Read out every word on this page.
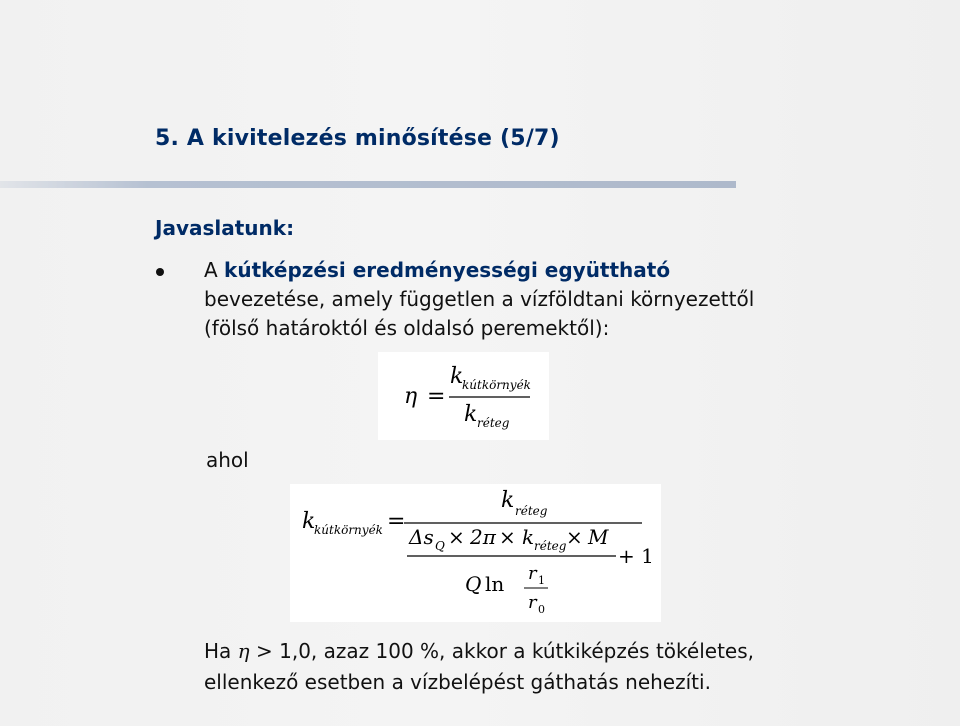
5. A kivitelezés minősítése (5/7)
Javaslatunk:
A kútképzési eredményességi együttható
bevezetése, amely független a vízföldtani környezettől
(fölső határoktól és oldalsó peremektől):
η =
k
kútkörnyék
k réteg
ahol
k
kútkörnyék =
k réteg
Δs Q × 2π × k réteg × M
+ 1
Q ln r 1
r 0
Ha η > 1,0, azaz 100 %, akkor a kútkiképzés tökéletes,
ellenkező esetben a vízbelépést gáthatás nehezíti.
